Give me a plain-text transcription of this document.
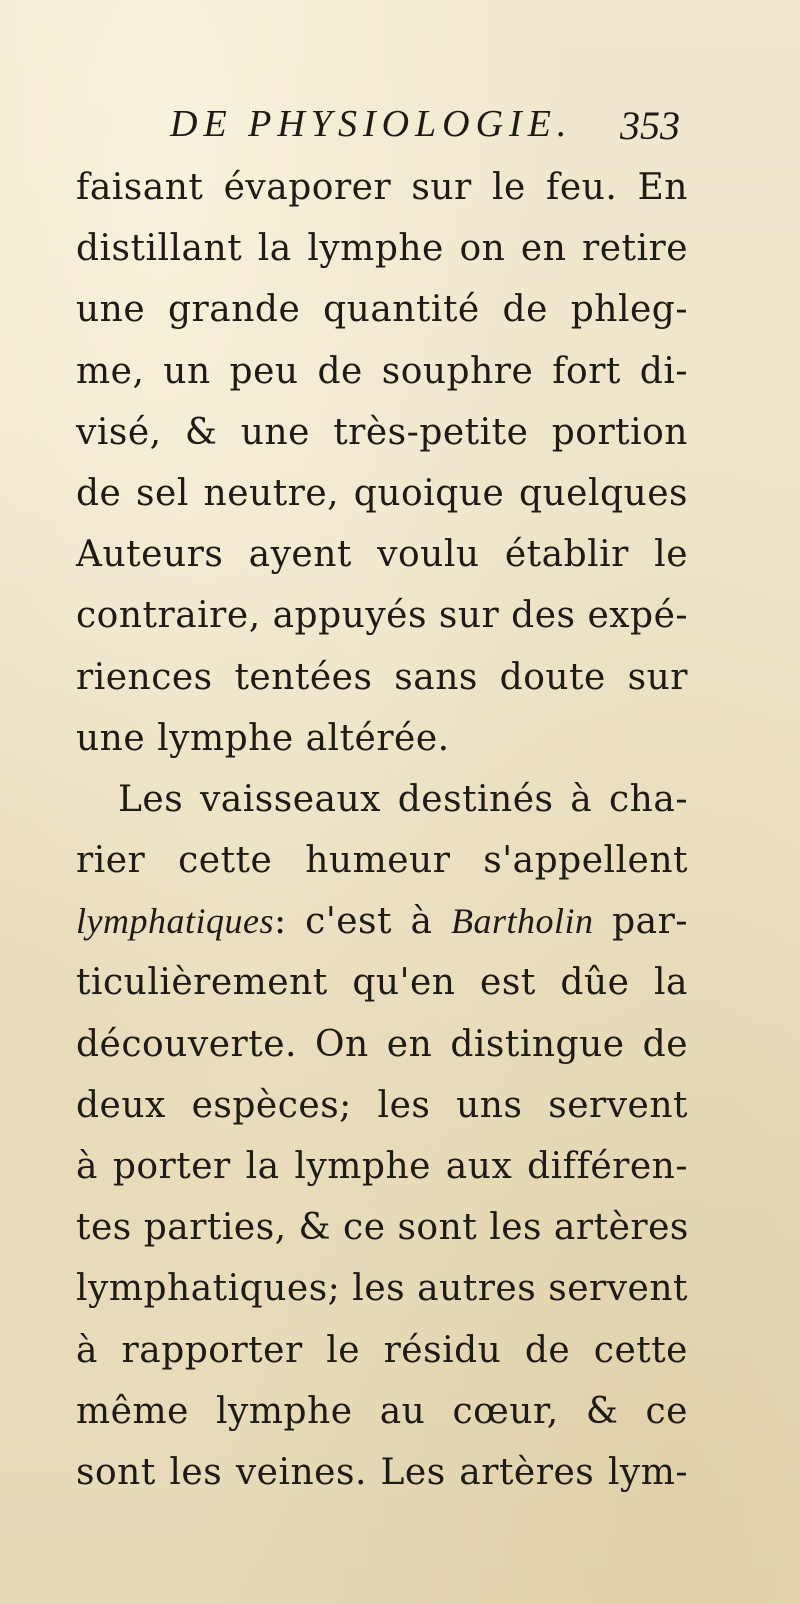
DE PHYSIOLOGIE. 353
faisant évaporer sur le feu. En
distillant la lymphe on en retire
une grande quantité de phleg-
me, un peu de souphre fort di-
visé, & une très-petite portion
de sel neutre, quoique quelques
Auteurs ayent voulu établir le
contraire, appuyés sur des expé-
riences tentées sans doute sur
une lymphe altérée.
Les vaisseaux destinés à cha-
rier cette humeur s'appellent
lymphatiques: c'est à Bartholin par-
ticulièrement qu'en est dûe la
découverte. On en distingue de
deux espèces; les uns servent
à porter la lymphe aux différen-
tes parties, & ce sont les artères
lymphatiques; les autres servent
à rapporter le résidu de cette
même lymphe au cœur, & ce
sont les veines. Les artères lym-
